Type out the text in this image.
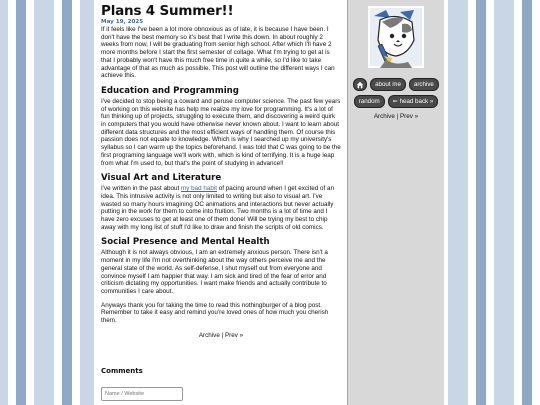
Plans 4 Summer!!
May 19, 2025

If it feels like I've been a lot more obnoxious as of late, it is because I have been. I don't have the best memory so it's best that I write this down. In about roughly 2 weeks from now, I will be graduating from senior high school. After which I'll have 2 more months before I start the first semester of collage. What I'm trying to get at is that I probably won't have this much free time in quite a while, so I'd like to take advantage of that as much as possible. This post will outline the different ways I can achieve this.

Education and Programming

I've decided to stop being a coward and peruse computer science. The past few years of working on this website has help me realize my love for programming. It's a lot of fun thinking up of projects, struggling to execute them, and discovering a weird quirk in computers that you would have otherwise never known about. I want to learn about different data structures and the most efficient ways of handling them. Of course this passion does not equate to knowledge. Which is why I searched up my university's syllabus so I can warm up the topics beforehand. I was told that C was going to be the first programing language we'll work with, which is kind of terrifying. It is a huge leap from what I'm used to, but that's the point of studying in advance!!

Visual Art and Literature

I've written in the past about my bad habit of pacing around when I get excited of an idea. This intrusive activity is not only limited to writing but also to visual art. I've wasted so many hours imagining OC animations and interactions but never actually putting in the work for them to come into fruition. Two months is a lot of time and I have zero excuses to get at least one of them done! Will be trying my best to chip away with my long list of stuff I'd like to draw and finish the scripts of old comics.

Social Presence and Mental Health

Although it is not always obvious, I am an extremely anxious person. There isn't a moment in my life I'm not overthinking about the way others perceive me and the general state of the world. As self-defense, I shut myself out from everyone and convince myself I am happier that way. I am sick and tired of the fear of error and criticism dictating my opportunities. I want make friends and actually contribute to communities I care about.

Anyways thank you for taking the time to read this nothingburger of a blog post. Remember to take it easy and remind you're loved ones of how much you cherish them.

Archive | Prev »
Comments
Name / Website
about me	archive
random	⇐ head back »
Archive | Prev »
